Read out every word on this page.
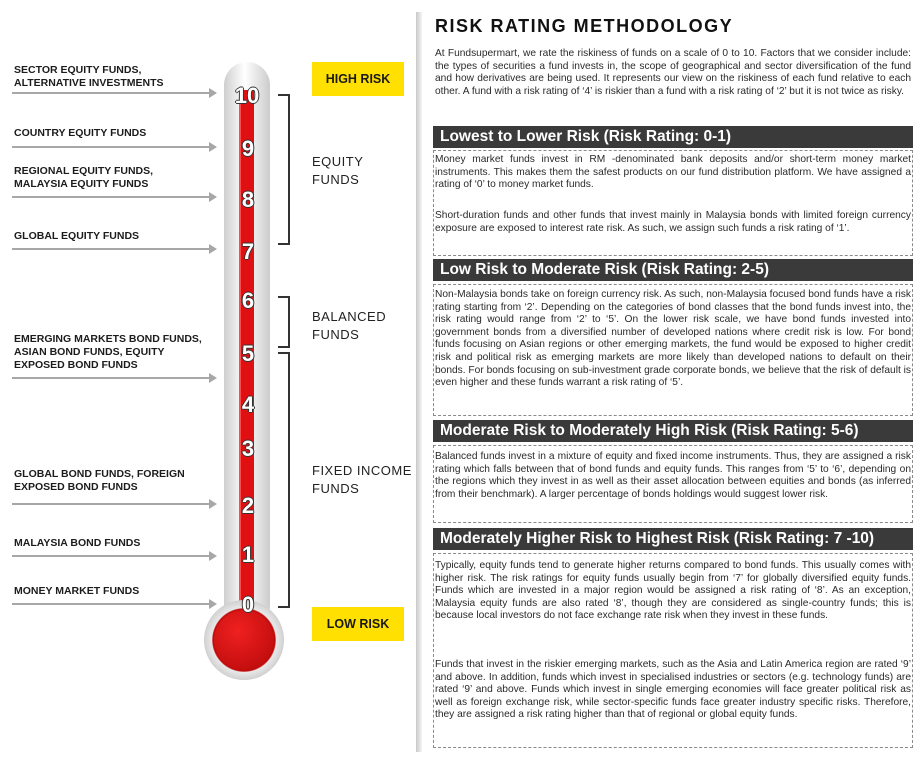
SECTOR EQUITY FUNDS,
ALTERNATIVE INVESTMENTS
COUNTRY EQUITY FUNDS
REGIONAL EQUITY FUNDS,
MALAYSIA EQUITY FUNDS
GLOBAL EQUITY FUNDS
EMERGING MARKETS BOND FUNDS,
ASIAN BOND FUNDS, EQUITY
EXPOSED BOND FUNDS
GLOBAL BOND FUNDS, FOREIGN
EXPOSED BOND FUNDS
MALAYSIA BOND FUNDS
MONEY MARKET FUNDS
10
9
8
7
6
5
4
3
2
1
0
EQUITY
FUNDS
BALANCED
FUNDS
FIXED INCOME
FUNDS
HIGH RISK
LOW RISK
RISK RATING METHODOLOGY
At Fundsupermart, we rate the riskiness of funds on a scale of 0 to 10. Factors that we consider include: the types of securities a fund invests in, the scope of geographical and sector diversification of the fund and how derivatives are being used. It represents our view on the riskiness of each fund relative to each other. A fund with a risk rating of ‘4’ is riskier than a fund with a risk rating of ‘2’ but it is not twice as risky.
Lowest to Lower Risk (Risk Rating: 0-1)
Money market funds invest in RM -denominated bank deposits and/or short-term money market instruments. This makes them the safest products on our fund distribution platform. We have assigned a rating of ‘0’ to money market funds.
Short-duration funds and other funds that invest mainly in Malaysia bonds with limited foreign currency exposure are exposed to interest rate risk. As such, we assign such funds a risk rating of ‘1’.
Low Risk to Moderate Risk (Risk Rating: 2-5)
Non-Malaysia bonds take on foreign currency risk. As such, non-Malaysia focused bond funds have a risk rating starting from ‘2’. Depending on the categories of bond classes that the bond funds invest into, the risk rating would range from ‘2’ to ‘5’. On the lower risk scale, we have bond funds invested into government bonds from a diversified number of developed nations where credit risk is low. For bond funds focusing on Asian regions or other emerging markets, the fund would be exposed to higher credit risk and political risk as emerging markets are more likely than developed nations to default on their bonds. For bonds focusing on sub-investment grade corporate bonds, we believe that the risk of default is even higher and these funds warrant a risk rating of ‘5’.
Moderate Risk to Moderately High Risk (Risk Rating: 5-6)
Balanced funds invest in a mixture of equity and fixed income instruments. Thus, they are assigned a risk rating which falls between that of bond funds and equity funds. This ranges from ‘5’ to ‘6’, depending on the regions which they invest in as well as their asset allocation between equities and bonds (as inferred from their benchmark). A larger percentage of bonds holdings would suggest lower risk.
Moderately Higher Risk to Highest Risk (Risk Rating: 7 -10)
Typically, equity funds tend to generate higher returns compared to bond funds. This usually comes with higher risk. The risk ratings for equity funds usually begin from ‘7’ for globally diversified equity funds. Funds which are invested in a major region would be assigned a risk rating of ‘8’. As an exception, Malaysia equity funds are also rated ‘8’, though they are considered as single-country funds; this is because local investors do not face exchange rate risk when they invest in these funds.
Funds that invest in the riskier emerging markets, such as the Asia and Latin America region are rated ‘9’ and above. In addition, funds which invest in specialised industries or sectors (e.g. technology funds) are rated ‘9’ and above. Funds which invest in single emerging economies will face greater political risk as well as foreign exchange risk, while sector-specific funds face greater industry specific risks. Therefore, they are assigned a risk rating higher than that of regional or global equity funds.
